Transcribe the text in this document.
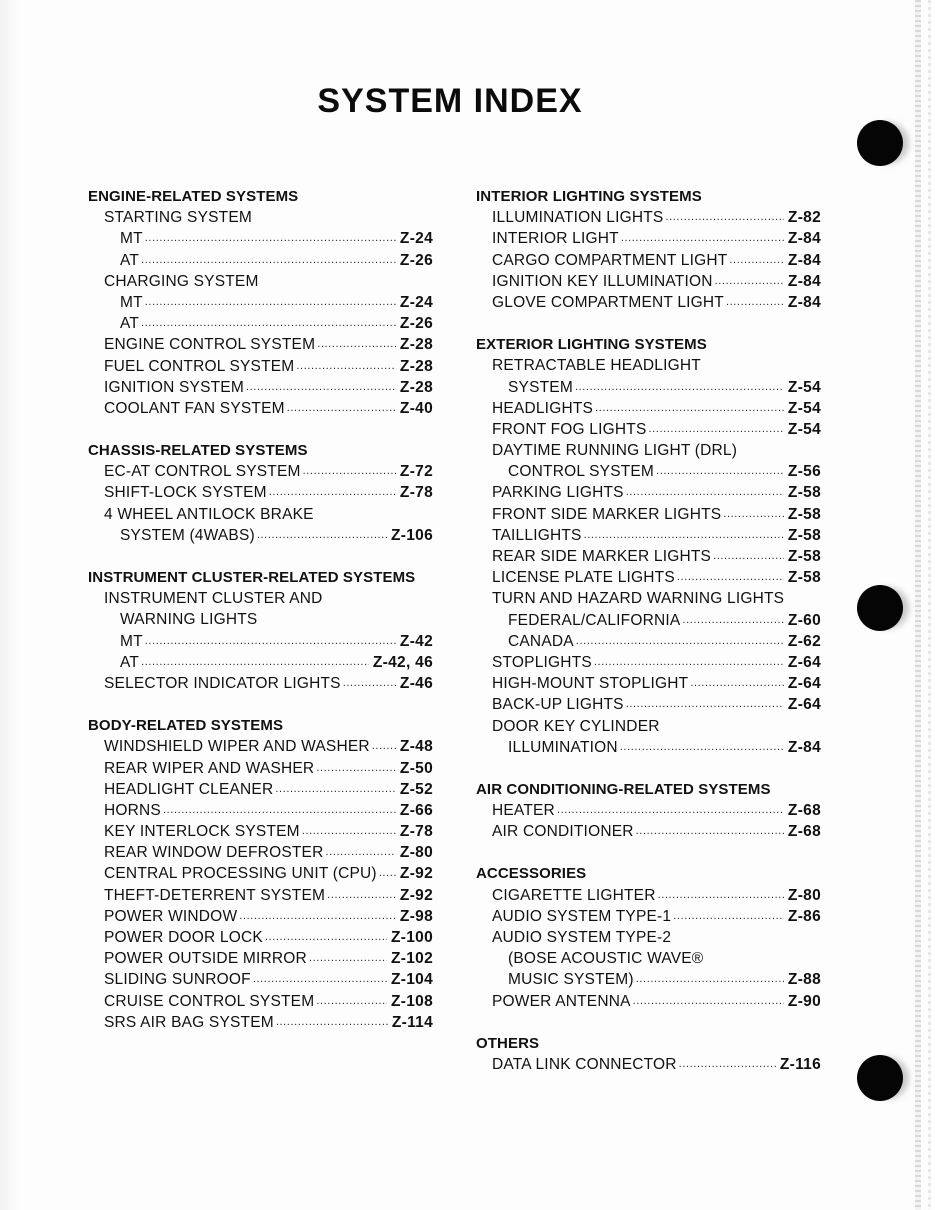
SYSTEM INDEX
ENGINE-RELATED SYSTEMS
STARTING SYSTEM
MT .....	Z-24
AT .....	Z-26
CHARGING SYSTEM
MT .....	Z-24
AT .....	Z-26
ENGINE CONTROL SYSTEM .....	Z-28
FUEL CONTROL SYSTEM .....	Z-28
IGNITION SYSTEM .....	Z-28
COOLANT FAN SYSTEM .....	Z-40
CHASSIS-RELATED SYSTEMS
EC-AT CONTROL SYSTEM .....	Z-72
SHIFT-LOCK SYSTEM .....	Z-78
4 WHEEL ANTILOCK BRAKE
SYSTEM (4WABS) .....	Z-106
INSTRUMENT CLUSTER-RELATED SYSTEMS
INSTRUMENT CLUSTER AND
WARNING LIGHTS
MT .....	Z-42
AT .....	Z-42, 46
SELECTOR INDICATOR LIGHTS .....	Z-46
BODY-RELATED SYSTEMS
WINDSHIELD WIPER AND WASHER ..... Z-48
REAR WIPER AND WASHER .....	Z-50
HEADLIGHT CLEANER .....	Z-52
HORNS .....	Z-66
KEY INTERLOCK SYSTEM .....	Z-78
REAR WINDOW DEFROSTER .....	Z-80
CENTRAL PROCESSING UNIT (CPU) ..... Z-92
THEFT-DETERRENT SYSTEM .....	Z-92
POWER WINDOW .....	Z-98
POWER DOOR LOCK .....	Z-100
POWER OUTSIDE MIRROR .....	Z-102
SLIDING SUNROOF .....	Z-104
CRUISE CONTROL SYSTEM .....	Z-108
SRS AIR BAG SYSTEM .....	Z-114
INTERIOR LIGHTING SYSTEMS
ILLUMINATION LIGHTS .....	Z-82
INTERIOR LIGHT .....	Z-84
CARGO COMPARTMENT LIGHT .....	Z-84
IGNITION KEY ILLUMINATION .....	Z-84
GLOVE COMPARTMENT LIGHT .....	Z-84
EXTERIOR LIGHTING SYSTEMS
RETRACTABLE HEADLIGHT
SYSTEM .....	Z-54
HEADLIGHTS .....	Z-54
FRONT FOG LIGHTS .....	Z-54
DAYTIME RUNNING LIGHT (DRL)
CONTROL SYSTEM .....	Z-56
PARKING LIGHTS .....	Z-58
FRONT SIDE MARKER LIGHTS .....	Z-58
TAILLIGHTS .....	Z-58
REAR SIDE MARKER LIGHTS .....	Z-58
LICENSE PLATE LIGHTS .....	Z-58
TURN AND HAZARD WARNING LIGHTS
FEDERAL/CALIFORNIA .....	Z-60
CANADA .....	Z-62
STOPLIGHTS .....	Z-64
HIGH-MOUNT STOPLIGHT .....	Z-64
BACK-UP LIGHTS .....	Z-64
DOOR KEY CYLINDER
ILLUMINATION .....	Z-84
AIR CONDITIONING-RELATED SYSTEMS
HEATER .....	Z-68
AIR CONDITIONER .....	Z-68
ACCESSORIES
CIGARETTE LIGHTER .....	Z-80
AUDIO SYSTEM TYPE-1 .....	Z-86
AUDIO SYSTEM TYPE-2
(BOSE ACOUSTIC WAVE®
MUSIC SYSTEM) .....	Z-88
POWER ANTENNA .....	Z-90
OTHERS
DATA LINK CONNECTOR .....	Z-116
